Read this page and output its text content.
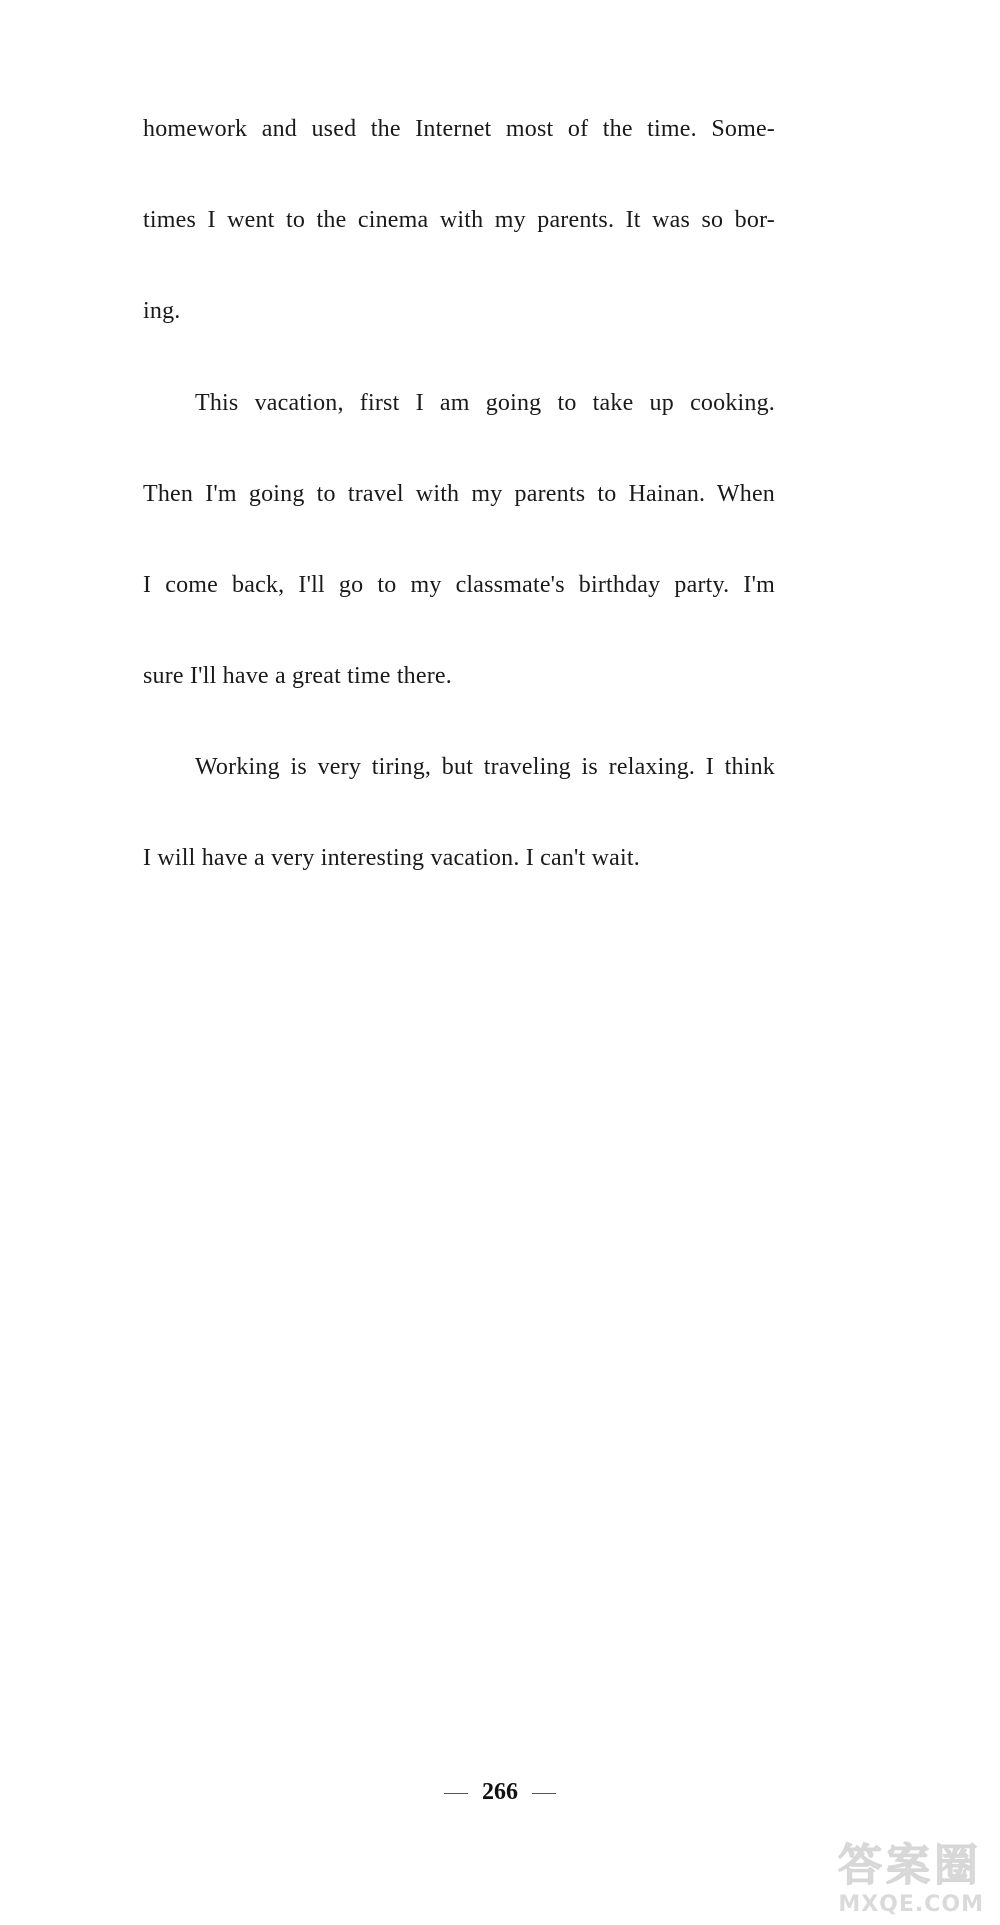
homework and used the Internet most of the time. Some-
times I went to the cinema with my parents. It was so bor-
ing.
This vacation, first I am going to take up cooking.
Then I'm going to travel with my parents to Hainan. When
I come back, I'll go to my classmate's birthday party. I'm
sure I'll have a great time there.
Working is very tiring, but traveling is relaxing. I think
I will have a very interesting vacation. I can't wait.
266
答案圈
MXQE.COM
